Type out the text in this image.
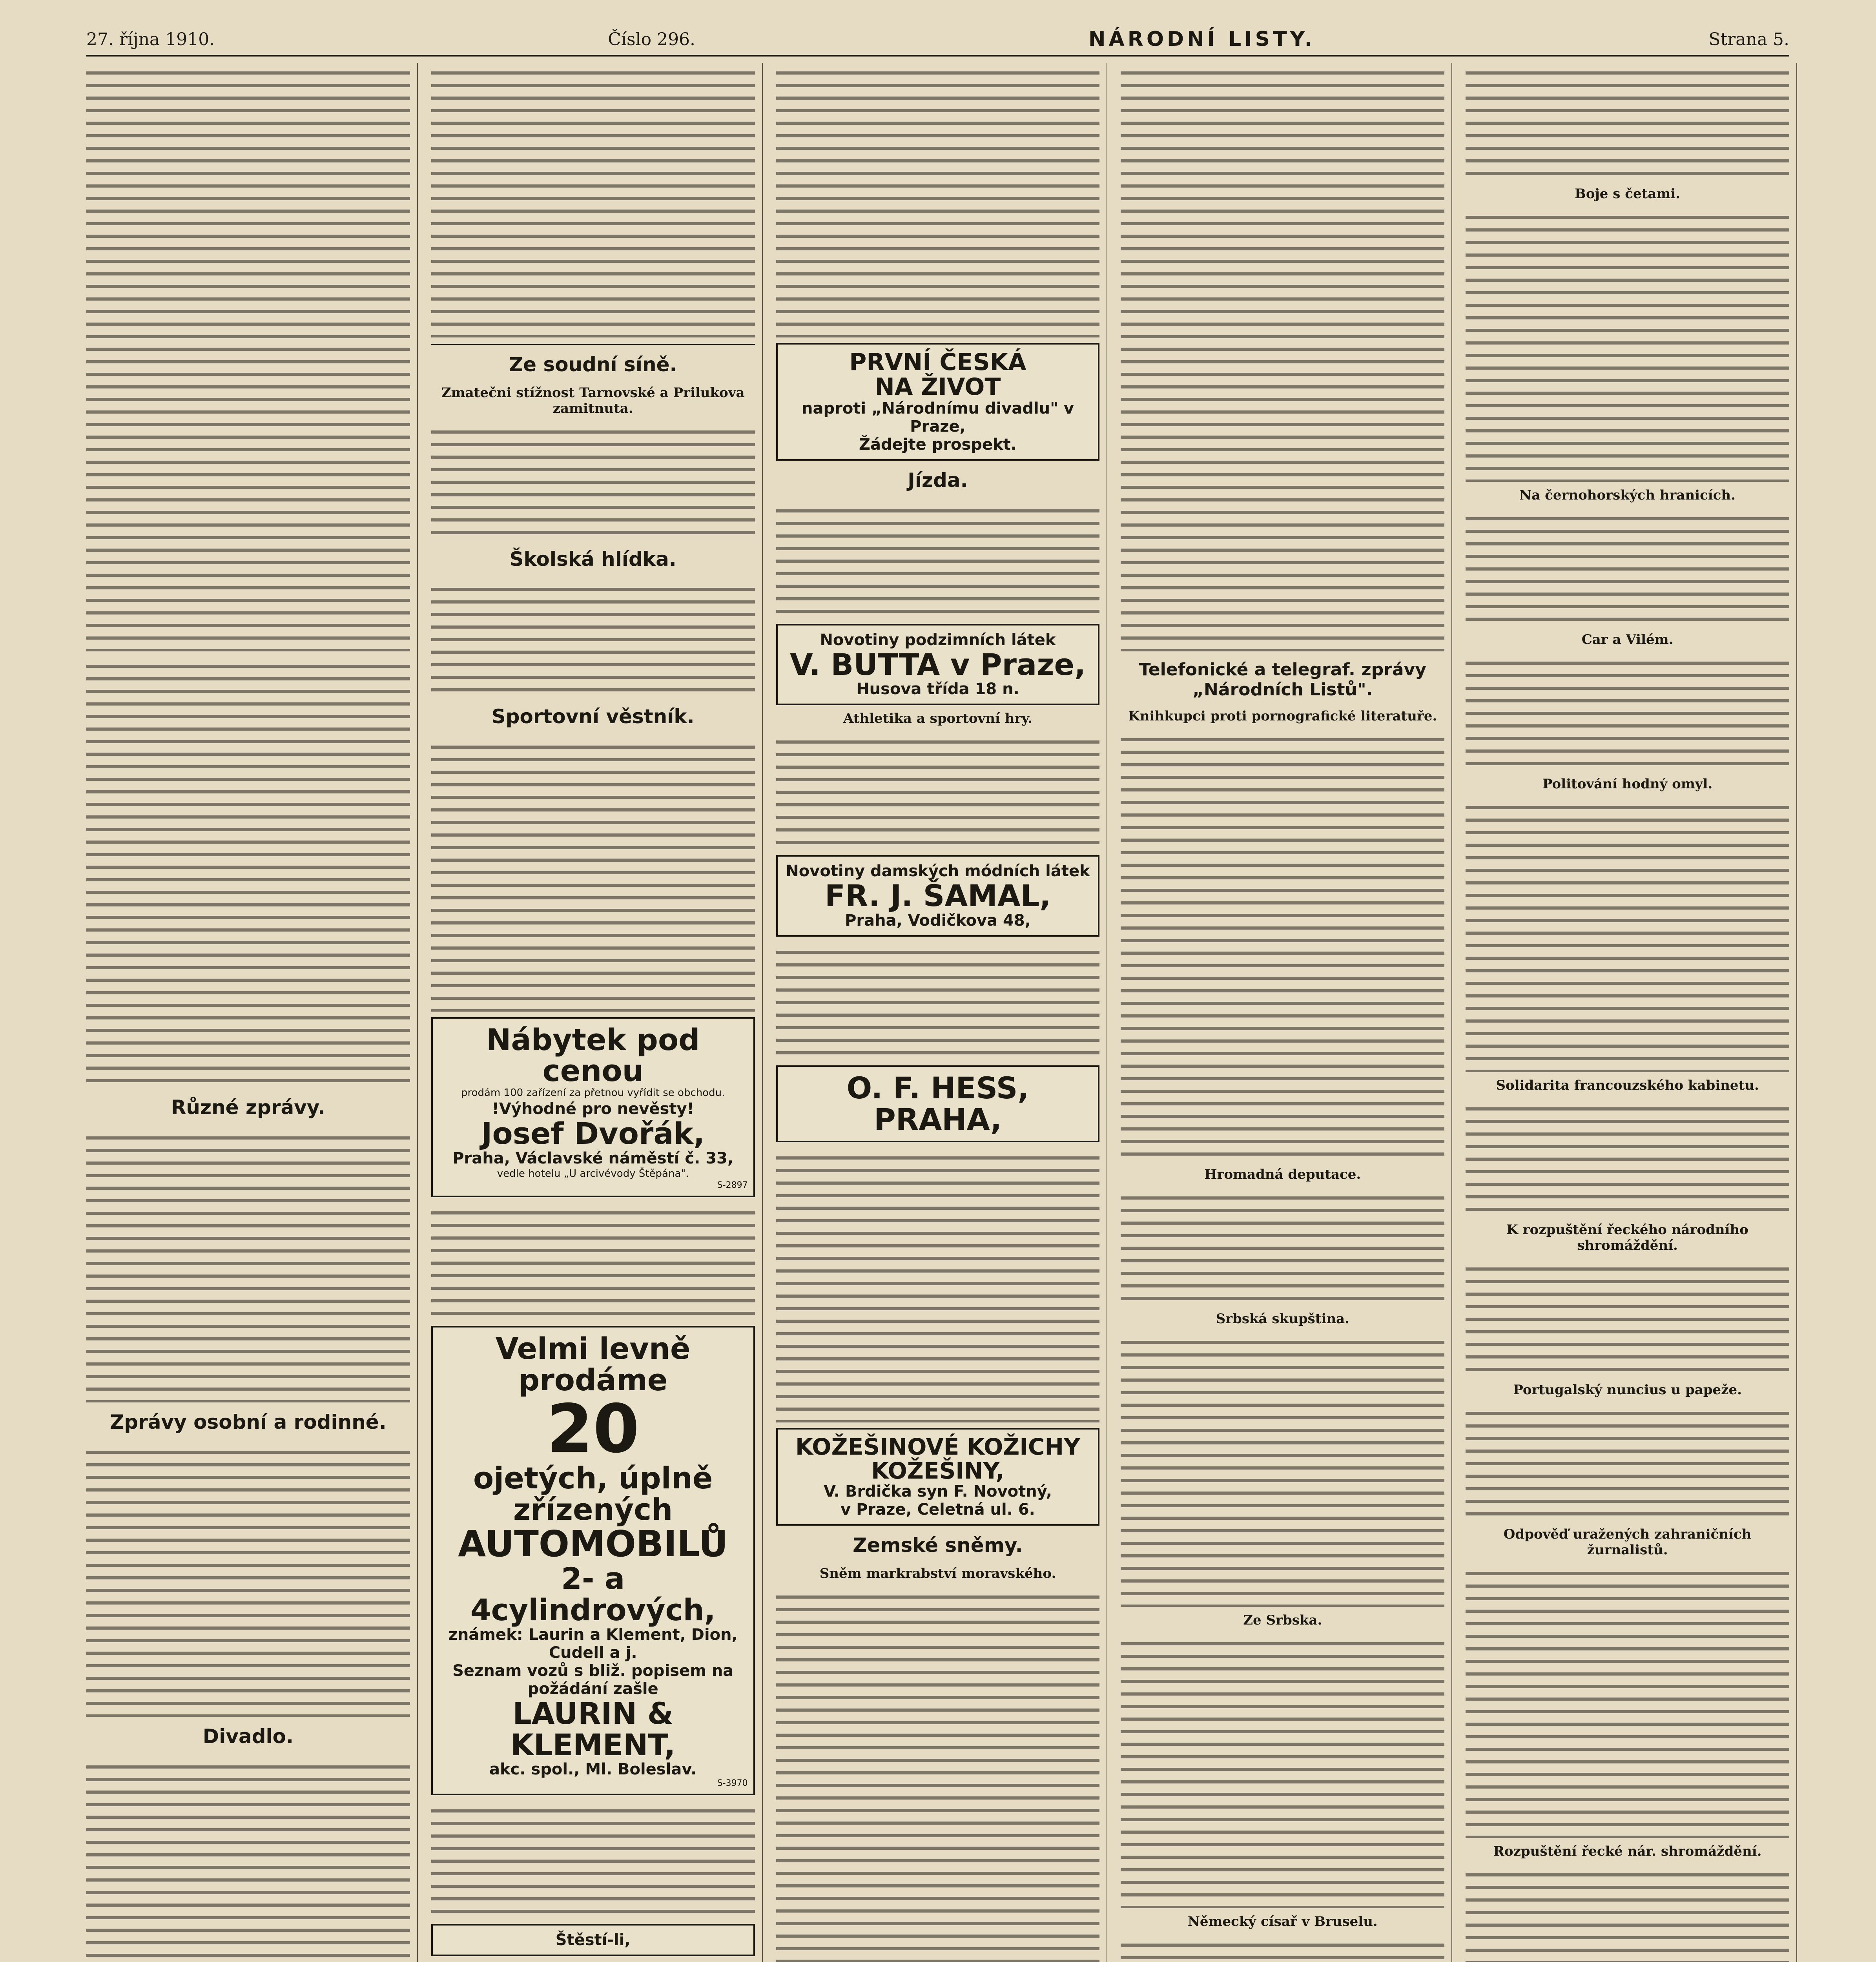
27. října 1910.	Číslo 296.	NÁRODNÍ LISTY.	Strana 5.
Různé zprávy.
Zprávy osobní a rodinné.
Divadlo.
Ze soudní síně.
Zmatečni stížnost Tarnovské a Prilukova zamitnuta.
Školská hlídka.
Sportovní věstník.
Nábytek pod cenou
prodám 100 zařízení za přetnou vyřídit se obchodu.
!Výhodné pro nevěsty!
Josef Dvořák,
Praha, Václavské náměstí č. 33,
vedle hotelu „U arcivévody Štěpána".
S-2897
Velmi levně prodáme
20
ojetých, úplně zřízených
AUTOMOBILŮ
2- a 4cylindrových,
známek: Laurin a Klement, Dion, Cudell a j.
Seznam vozů s bliž. popisem na požádání zašle
LAURIN & KLEMENT,
akc. spol., Ml. Boleslav.
S-3970
Štěstí-li,
PRVNÍ ČESKÁ
NA ŽIVOT
naproti „Národnímu divadlu" v Praze,
Žádejte prospekt.
Jízda.
Novotiny podzimních látek
V. BUTTA v Praze,
Husova třída 18 n.
Athletika a sportovní hry.
Novotiny damských módních látek
FR. J. ŠAMAL,
Praha, Vodičkova 48,
O. F. HESS,
PRAHA,
KOŽEŠINOVÉ KOŽICHY KOŽEŠINY,
V. Brdička syn F. Novotný,
v Praze, Celetná ul. 6.
Zemské sněmy.
Sněm markrabství moravského.
Telefonické a telegraf. zprávy „Národních Listů".
Knihkupci proti pornografické literatuře.
Hromadná deputace.
Srbská skupština.
Ze Srbska.
Německý císař v Bruselu.
Boje s četami.
Na černohorských hranicích.
Car a Vilém.
Politování hodný omyl.
Solidarita francouzského kabinetu.
K rozpuštění řeckého národního shromáždění.
Portugalský nuncius u papeže.
Odpověď uražených zahraničních žurnalistů.
Rozpuštění řecké nár. shromáždění.
